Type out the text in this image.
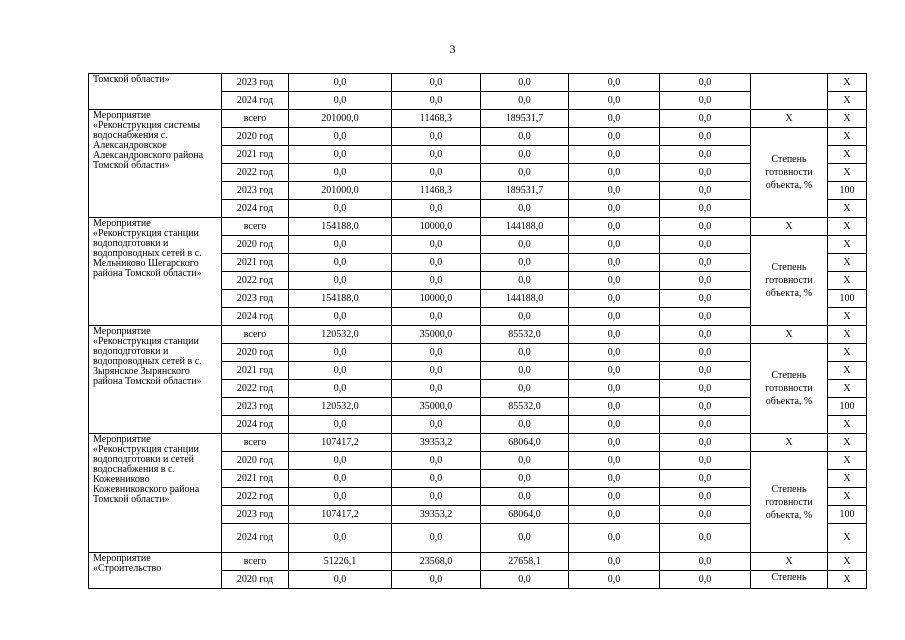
3
Томской области»	2023 год	0,0	0,0	0,0	0,0	0,0		Х
	2024 год	0,0	0,0	0,0	0,0	0,0		Х
Мероприятие «Реконструкция системы водоснабжения с. Александровское Александровского района Томской области»	всего	201000,0	11468,3	189531,7	0,0	0,0	Х	Х
	2020 год	0,0	0,0	0,0	0,0	0,0	Степень готовности объекта, %	Х
	2021 год	0,0	0,0	0,0	0,0	0,0		Х
	2022 год	0,0	0,0	0,0	0,0	0,0		Х
	2023 год	201000,0	11468,3	189531,7	0,0	0,0		100
	2024 год	0,0	0,0	0,0	0,0	0,0		Х
Мероприятие «Реконструкция станции водоподготовки и водопроводных сетей в с. Мельниково Шегарского района Томской области»	всего	154188,0	10000,0	144188,0	0,0	0,0	Х	Х
	2020 год	0,0	0,0	0,0	0,0	0,0	Степень готовности объекта, %	Х
	2021 год	0,0	0,0	0,0	0,0	0,0		Х
	2022 год	0,0	0,0	0,0	0,0	0,0		Х
	2023 год	154188,0	10000,0	144188,0	0,0	0,0		100
	2024 год	0,0	0,0	0,0	0,0	0,0		Х
Мероприятие «Реконструкция станции водоподготовки и водопроводных сетей в с. Зырянское Зырянского района Томской области»	всего	120532,0	35000,0	85532,0	0,0	0,0	Х	Х
	2020 год	0,0	0,0	0,0	0,0	0,0	Степень готовности объекта, %	Х
	2021 год	0,0	0,0	0,0	0,0	0,0		Х
	2022 год	0,0	0,0	0,0	0,0	0,0		Х
	2023 год	120532,0	35000,0	85532,0	0,0	0,0		100
	2024 год	0,0	0,0	0,0	0,0	0,0		Х
Мероприятие «Реконструкция станции водоподготовки и сетей водоснабжения в с. Кожевниково Кожевниковского района Томской области»	всего	107417,2	39353,2	68064,0	0,0	0,0	Х	Х
	2020 год	0,0	0,0	0,0	0,0	0,0	Степень готовности объекта, %	Х
	2021 год	0,0	0,0	0,0	0,0	0,0		Х
	2022 год	0,0	0,0	0,0	0,0	0,0		Х
	2023 год	107417,2	39353,2	68064,0	0,0	0,0		100
	2024 год	0,0	0,0	0,0	0,0	0,0		Х
Мероприятие «Строительство	всего	51226,1	23568,0	27658,1	0,0	0,0	Х	Х
	2020 год	0,0	0,0	0,0	0,0	0,0	Степень	Х
